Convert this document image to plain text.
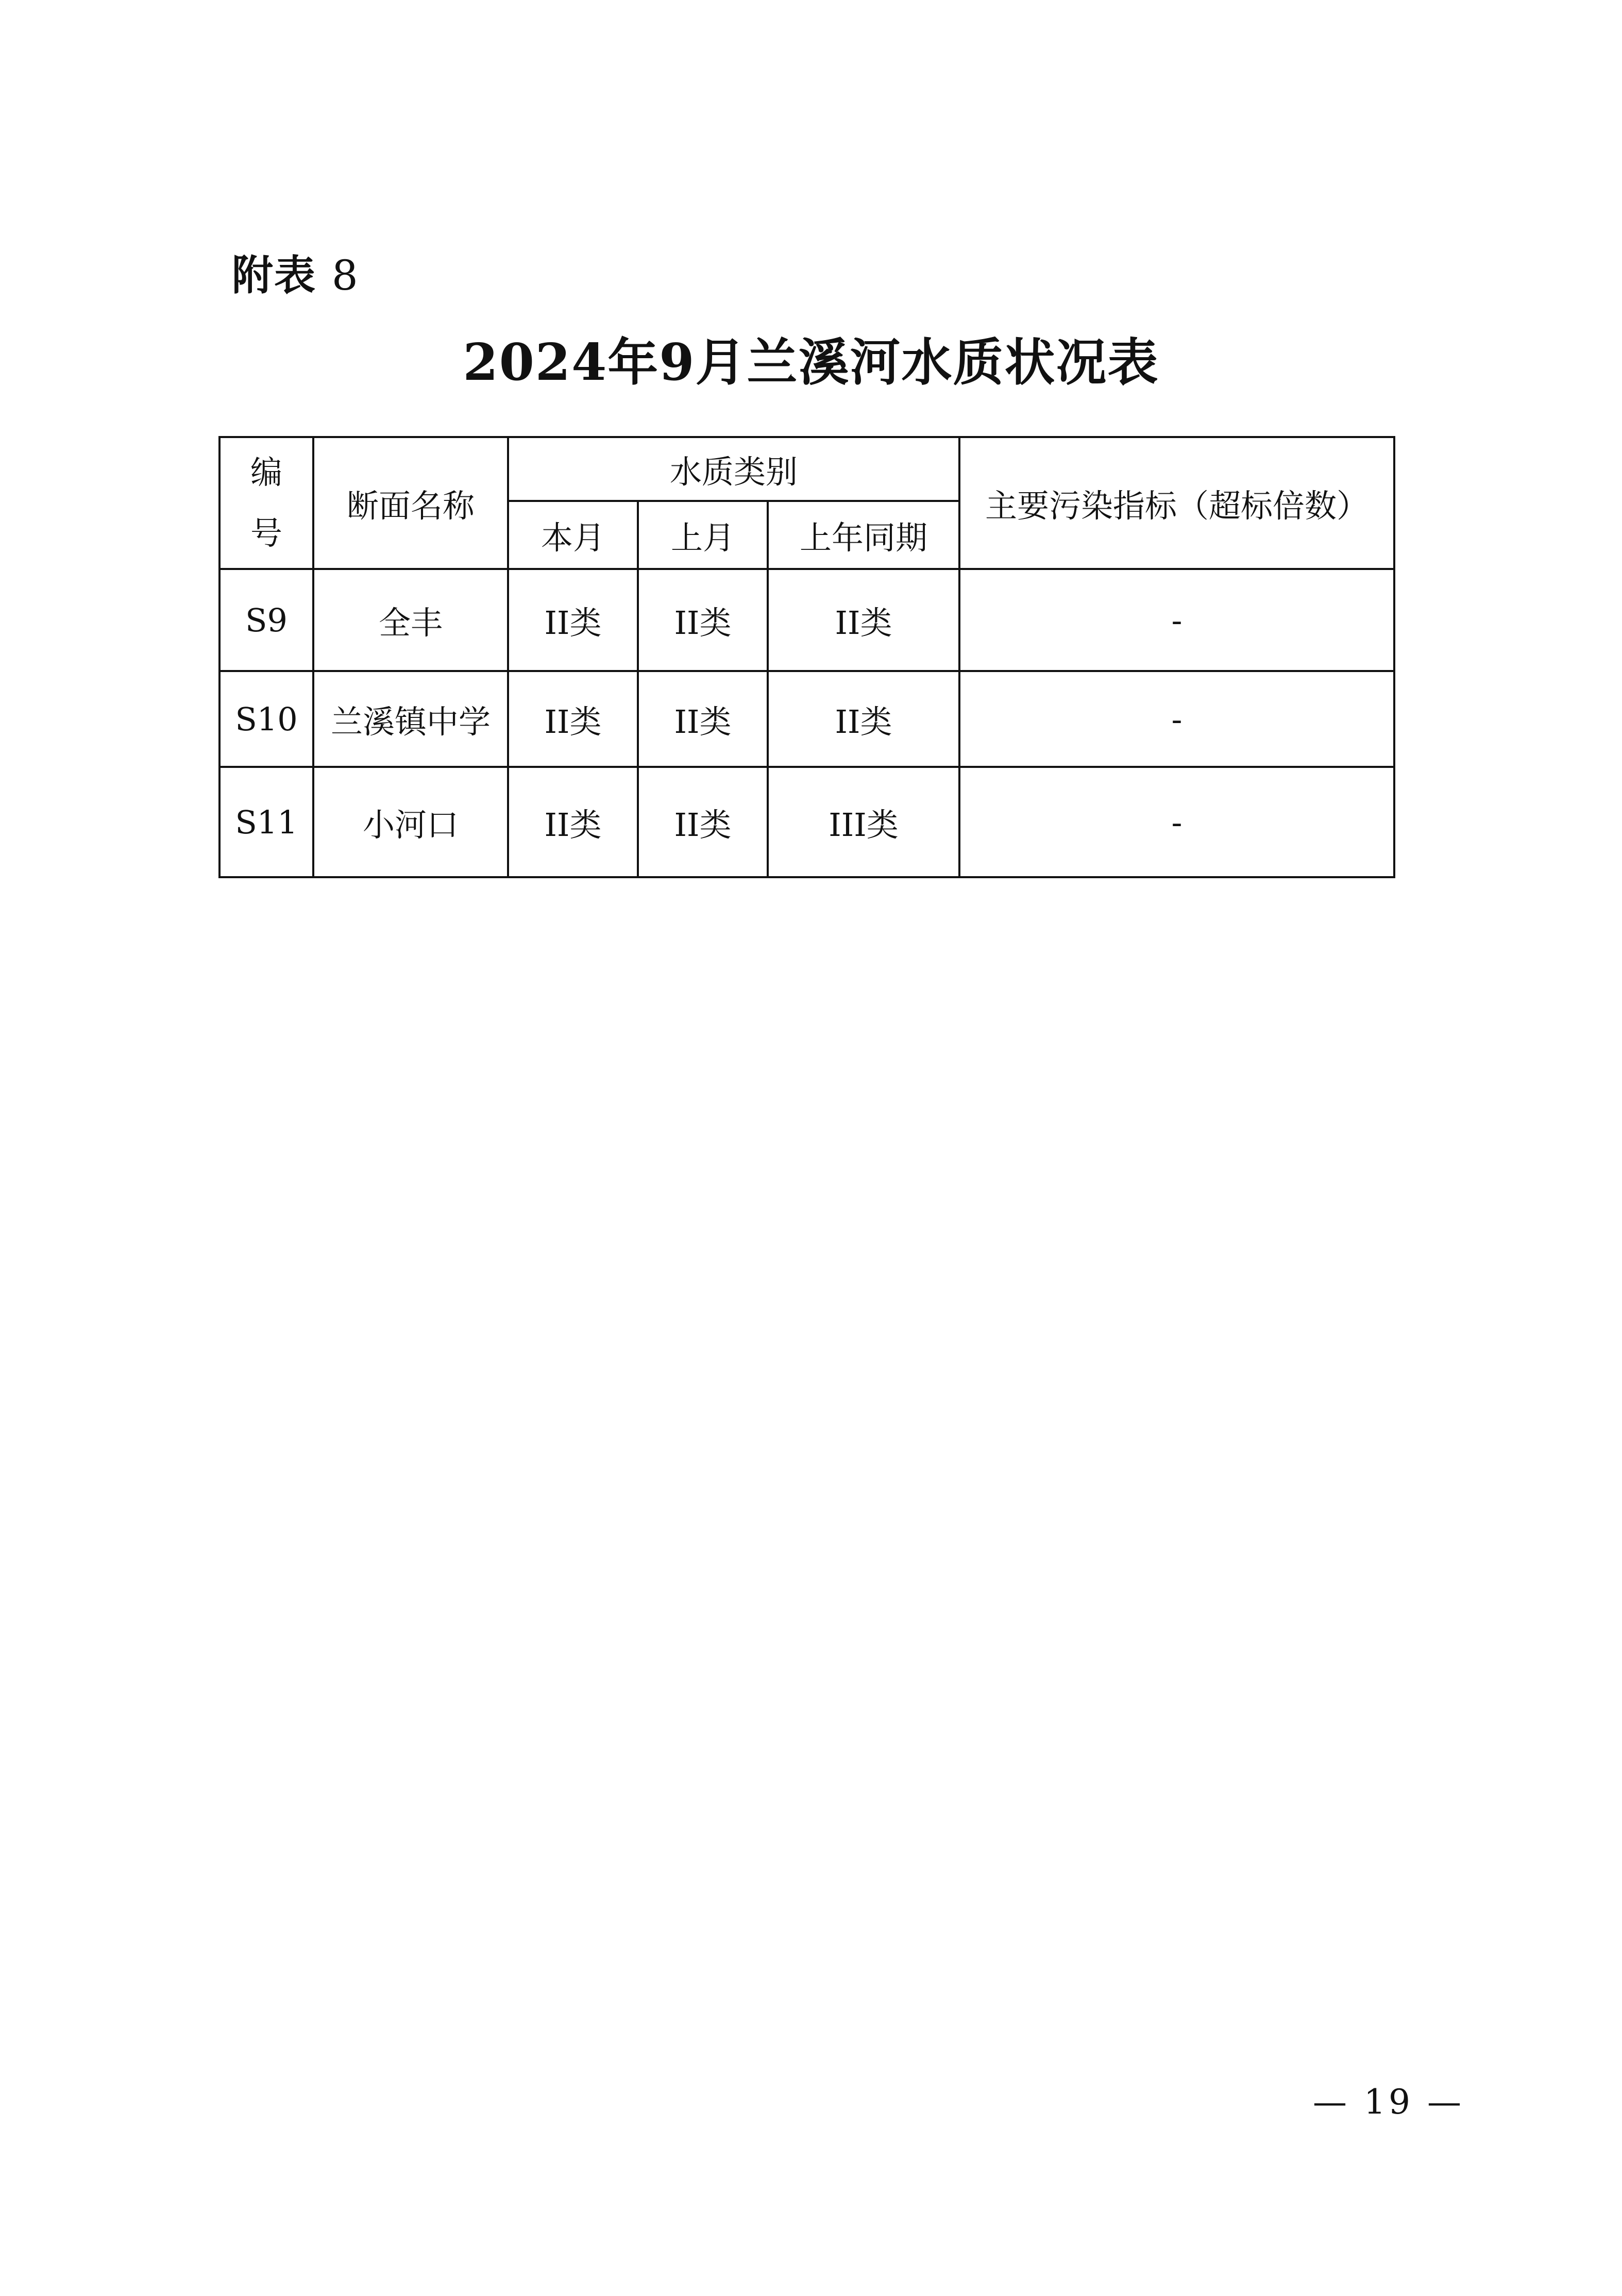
附表 8
2024年9月兰溪河水质状况表
编
号	断面名称	水质类别			主要污染指标（超标倍数）
		本月	上月	上年同期	
S9	全丰	II类	II类	II类	-
S10	兰溪镇中学	II类	II类	II类	-
S11	小河口	II类	II类	III类	-
— 19 —
